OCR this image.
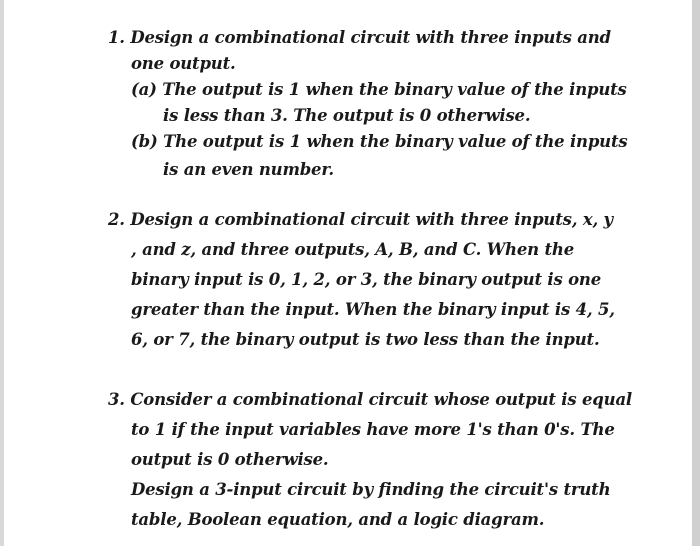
1. Design a combinational circuit with three inputs and
one output.
(a) The output is 1 when the binary value of the inputs
is less than 3. The output is 0 otherwise.
(b) The output is 1 when the binary value of the inputs
is an even number.
2. Design a combinational circuit with three inputs, x, y
, and z, and three outputs, A, B, and C. When the
binary input is 0, 1, 2, or 3, the binary output is one
greater than the input. When the binary input is 4, 5,
6, or 7, the binary output is two less than the input.
3. Consider a combinational circuit whose output is equal
to 1 if the input variables have more 1's than 0's. The
output is 0 otherwise.
Design a 3-input circuit by finding the circuit's truth
table, Boolean equation, and a logic diagram.
